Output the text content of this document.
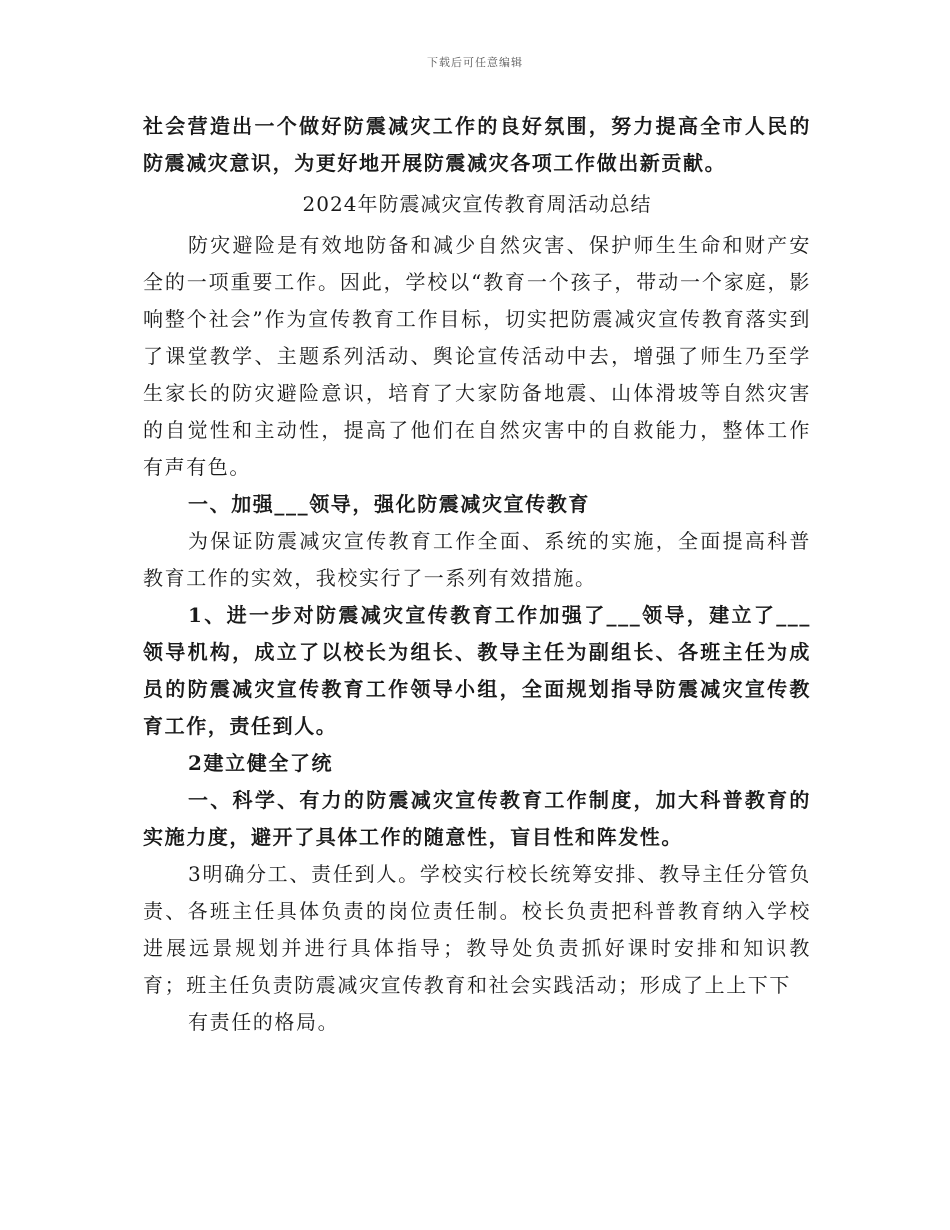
下载后可任意编辑

社会营造出一个做好防震减灾工作的良好氛围，努力提高全市人民的防震减灾意识，为更好地开展防震减灾各项工作做出新贡献。

2024年防震减灾宣传教育周活动总结

防灾避险是有效地防备和减少自然灾害、保护师生生命和财产安全的一项重要工作。因此，学校以“教育一个孩子，带动一个家庭，影响整个社会”作为宣传教育工作目标，切实把防震减灾宣传教育落实到了课堂教学、主题系列活动、舆论宣传活动中去，增强了师生乃至学生家长的防灾避险意识，培育了大家防备地震、山体滑坡等自然灾害的自觉性和主动性，提高了他们在自然灾害中的自救能力，整体工作有声有色。

一、加强___领导，强化防震减灾宣传教育

为保证防震减灾宣传教育工作全面、系统的实施，全面提高科普教育工作的实效，我校实行了一系列有效措施。

1、进一步对防震减灾宣传教育工作加强了___领导，建立了___领导机构，成立了以校长为组长、教导主任为副组长、各班主任为成员的防震减灾宣传教育工作领导小组，全面规划指导防震减灾宣传教育工作，责任到人。

2建立健全了统

一、科学、有力的防震减灾宣传教育工作制度，加大科普教育的实施力度，避开了具体工作的随意性，盲目性和阵发性。

3明确分工、责任到人。学校实行校长统筹安排、教导主任分管负责、各班主任具体负责的岗位责任制。校长负责把科普教育纳入学校进展远景规划并进行具体指导；教导处负责抓好课时安排和知识教育；班主任负责防震减灾宣传教育和社会实践活动；形成了上上下下

有责任的格局。
